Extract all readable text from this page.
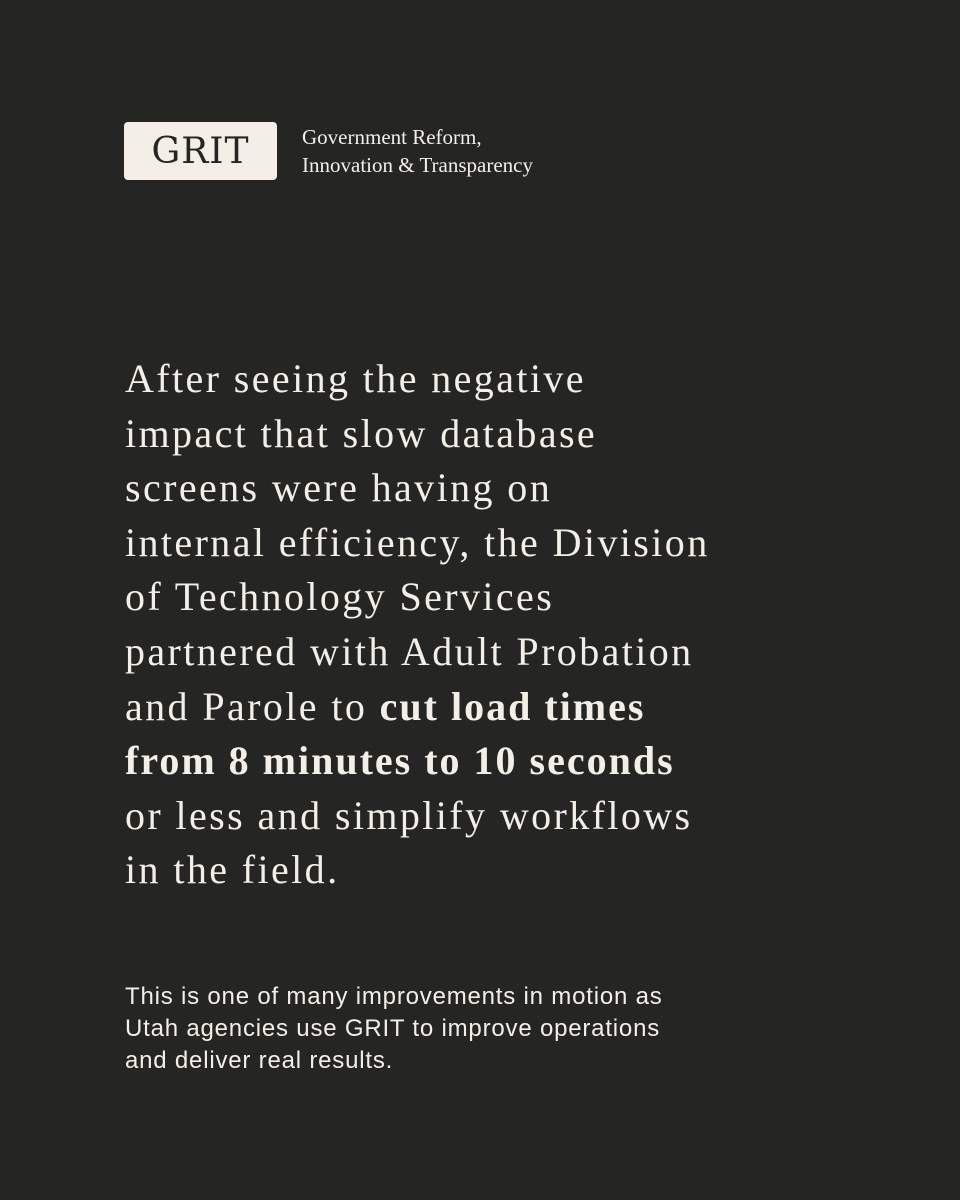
GRIT Government Reform,
Innovation & Transparency
After seeing the negative
impact that slow database
screens were having on
internal efficiency, the Division
of Technology Services
partnered with Adult Probation
and Parole to cut load times
from 8 minutes to 10 seconds
or less and simplify workflows
in the field.
This is one of many improvements in motion as
Utah agencies use GRIT to improve operations
and deliver real results.
